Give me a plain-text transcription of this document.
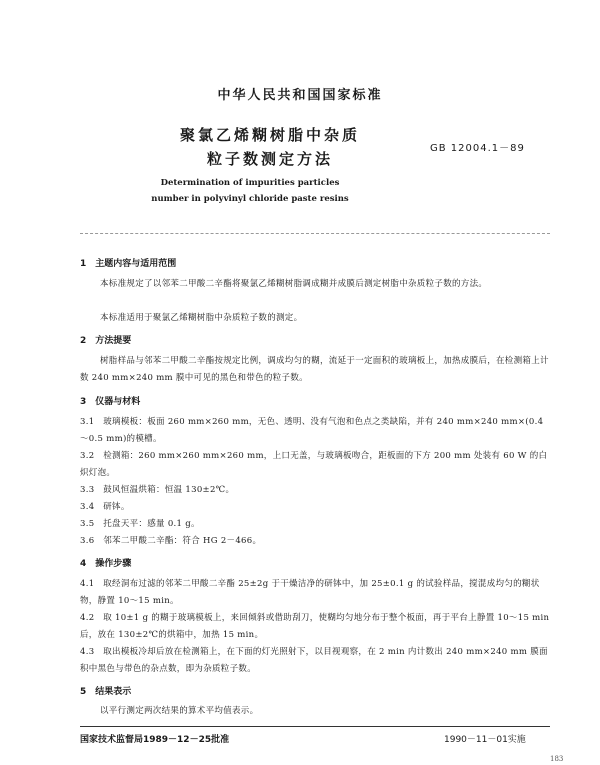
中华人民共和国国家标准
聚氯乙烯糊树脂中杂质
粒子数测定方法
GB 12004.1－89
Determination of impurities particles
number in polyvinyl chloride paste resins
1　主题内容与适用范围
本标准规定了以邻苯二甲酸二辛酯将聚氯乙烯糊树脂调成糊并成膜后测定树脂中杂质粒子数的方法。
本标准适用于聚氯乙烯糊树脂中杂质粒子数的测定。
2　方法提要
树脂样品与邻苯二甲酸二辛酯按规定比例，调成均匀的糊，流延于一定面积的玻璃板上，加热成膜后，在检测箱上计数 240 mm×240 mm 膜中可见的黑色和带色的粒子数。
3　仪器与材料
3.1　玻璃模板：板面 260 mm×260 mm，无色、透明、没有气泡和色点之类缺陷，并有 240 mm×240 mm×(0.4～0.5 mm)的模槽。
3.2　检测箱：260 mm×260 mm×260 mm，上口无盖，与玻璃板吻合，距板面的下方 200 mm 处装有 60 W 的白炽灯泡。
3.3　鼓风恒温烘箱：恒温 130±2℃。
3.4　研钵。
3.5　托盘天平：感量 0.1 g。
3.6　邻苯二甲酸二辛酯：符合 HG 2－466。
4　操作步骤
4.1　取经洞布过滤的邻苯二甲酸二辛酯 25±2g 于干燥洁净的研钵中，加 25±0.1 g 的试验样品，搅混成均匀的糊状物，静置 10～15 min。
4.2　取 10±1 g 的糊于玻璃模板上，来回倾斜或借助刮刀，使糊均匀地分布于整个板面，再于平台上静置 10～15 min 后，放在 130±2℃的烘箱中，加热 15 min。
4.3　取出模板冷却后放在检测箱上，在下面的灯光照射下，以目视观察，在 2 min 内计数出 240 mm×240 mm 膜面积中黑色与带色的杂点数，即为杂质粒子数。
5　结果表示
以平行测定两次结果的算术平均值表示。
国家技术监督局1989－12－25批准	1990－11－01实施
183
